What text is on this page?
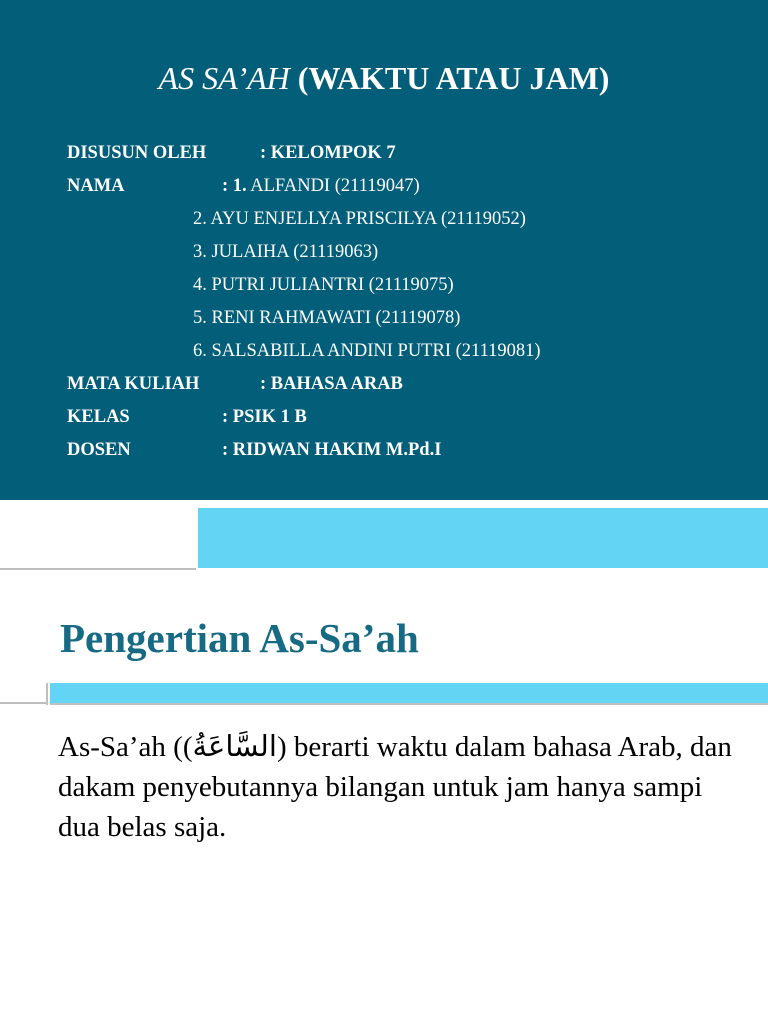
AS SA’AH (WAKTU ATAU JAM)
DISUSUN OLEH	: KELOMPOK 7
NAMA	: 1. ALFANDI (21119047)
2. AYU ENJELLYA PRISCILYA (21119052)
3. JULAIHA (21119063)
4. PUTRI JULIANTRI (21119075)
5. RENI RAHMAWATI (21119078)
6. SALSABILLA ANDINI PUTRI (21119081)
MATA KULIAH	: BAHASA ARAB
KELAS	: PSIK 1 B
DOSEN	: RIDWAN HAKIM M.Pd.I
Pengertian As-Sa’ah

As-Sa’ah ((السَّاعَةُ) berarti waktu dalam bahasa Arab, dan dakam penyebutannya bilangan untuk jam hanya sampi dua belas saja.
